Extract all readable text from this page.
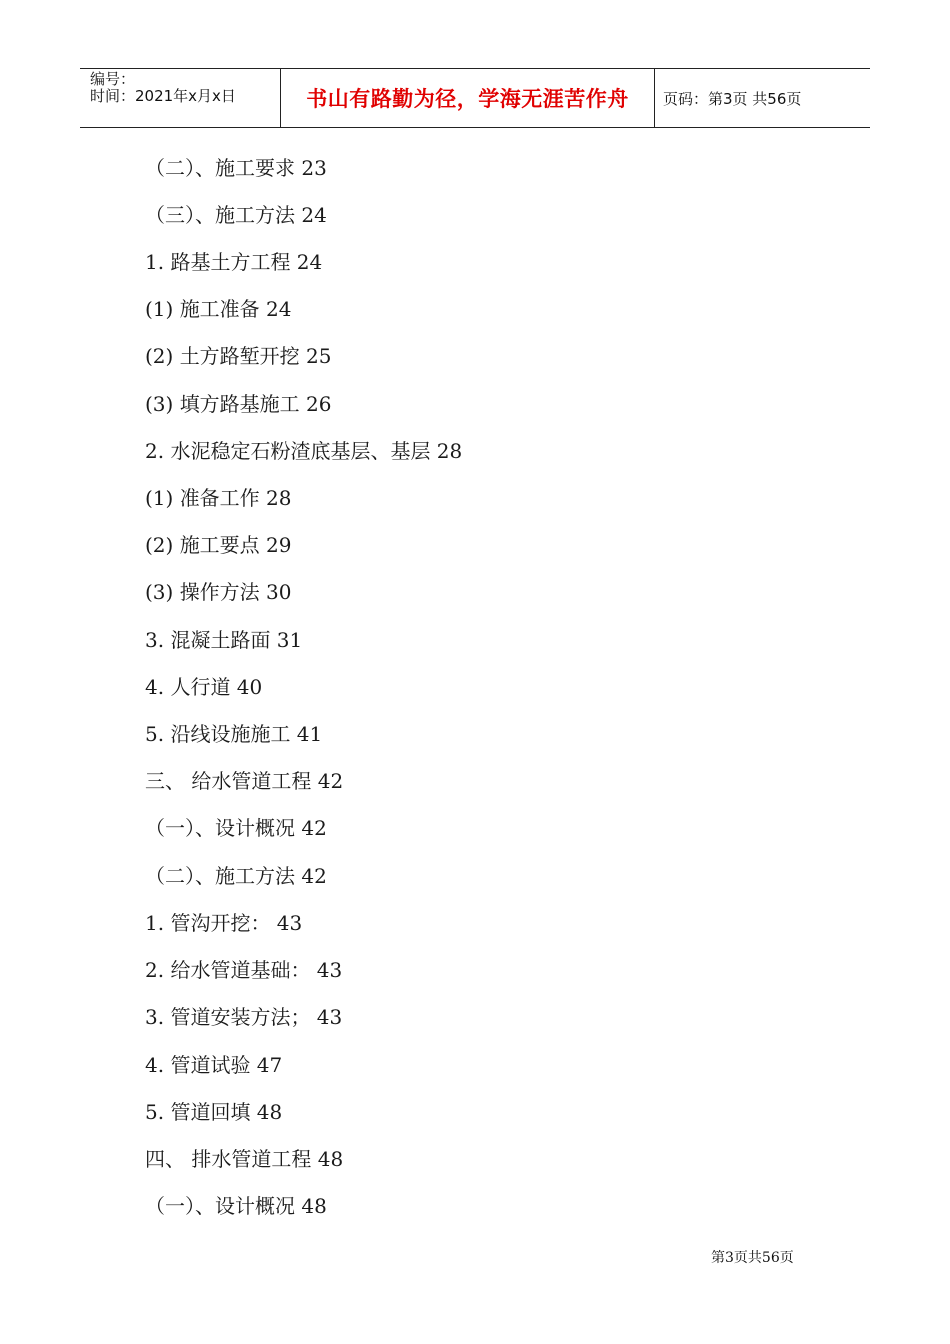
编号：
时间：2021年x月x日	书山有路勤为径，学海无涯苦作舟	页码：第3页 共56页
（二）、施工要求 23
（三）、施工方法 24
1. 路基土方工程 24
(1) 施工准备 24
(2) 土方路堑开挖 25
(3) 填方路基施工 26
2. 水泥稳定石粉渣底基层、基层 28
(1) 准备工作 28
(2) 施工要点 29
(3) 操作方法 30
3. 混凝土路面 31
4. 人行道 40
5. 沿线设施施工 41
三、 给水管道工程 42
（一）、设计概况 42
（二）、施工方法 42
1. 管沟开挖： 43
2. 给水管道基础： 43
3. 管道安装方法； 43
4. 管道试验 47
5. 管道回填 48
四、 排水管道工程 48
（一）、设计概况 48
第3页共56页
